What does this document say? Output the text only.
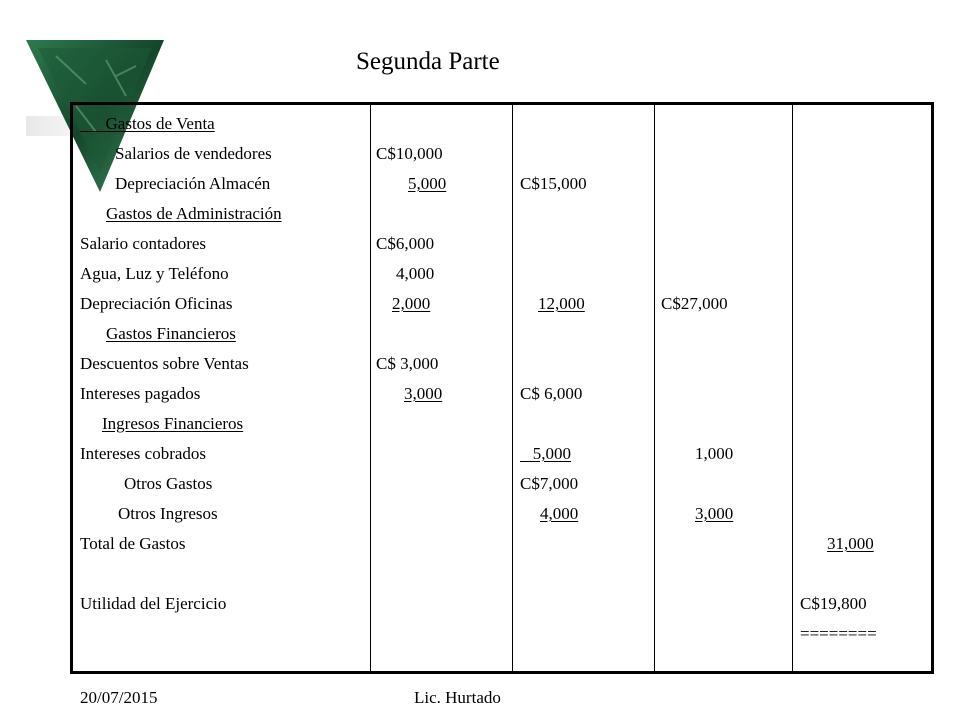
Segunda Parte
Gastos de Venta
Salarios de vendedores
Depreciación Almacén
Gastos de Administración
Salario contadores
Agua, Luz y Teléfono
Depreciación Oficinas
Gastos Financieros
Descuentos sobre Ventas
Intereses pagados
Ingresos Financieros
Intereses cobrados
Otros Gastos
Otros Ingresos
Total de Gastos
Utilidad del Ejercicio
C$10,000
5,000
C$6,000
4,000
2,000
C$ 3,000
3,000
C$15,000
12,000
C$ 6,000
5,000
C$7,000
4,000
C$27,000
1,000
3,000
31,000
C$19,800
========
20/07/2015	Lic. Hurtado
